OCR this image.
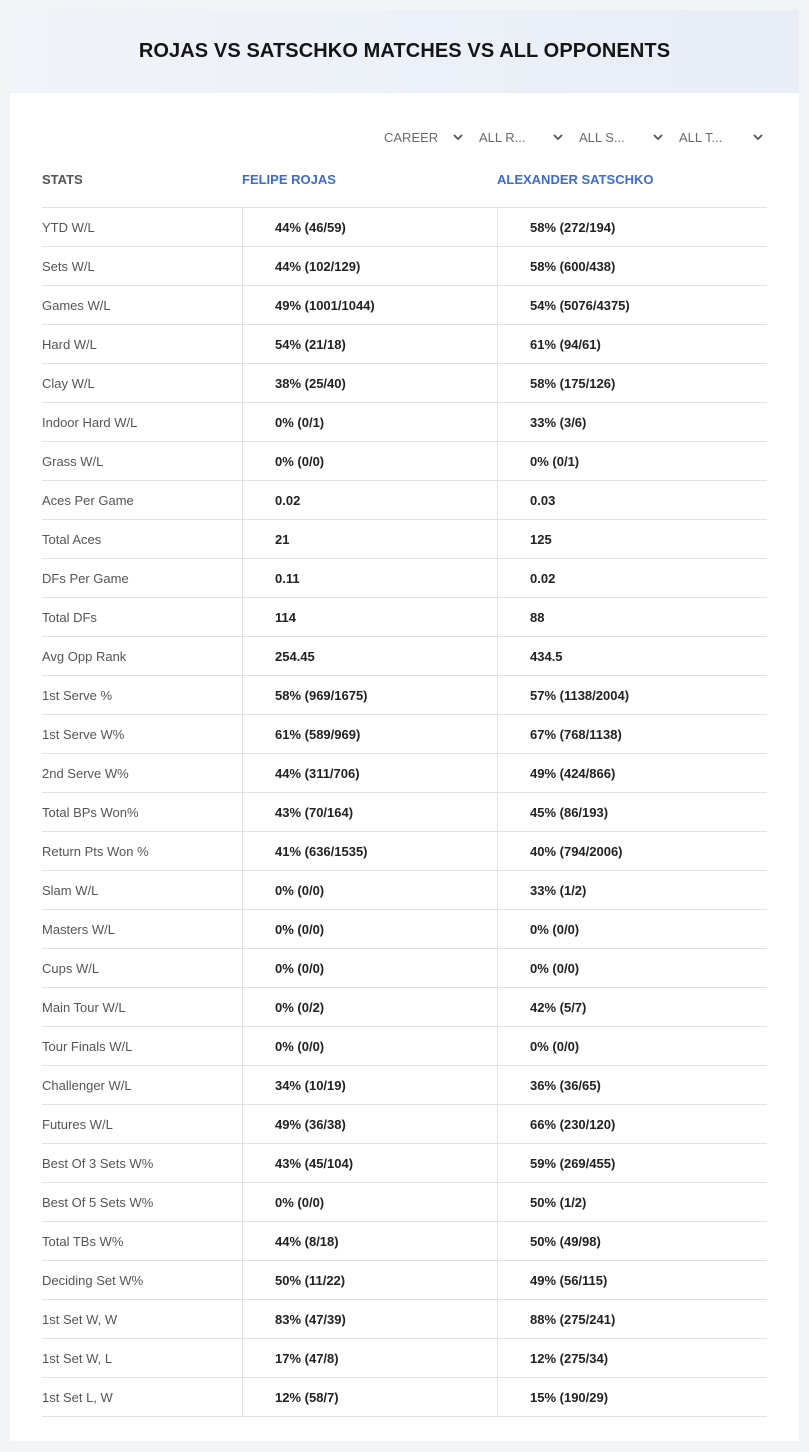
ROJAS VS SATSCHKO MATCHES VS ALL OPPONENTS
CAREER	ALL R...	ALL S...	ALL T...
STATS	FELIPE ROJAS	ALEXANDER SATSCHKO
YTD W/L	44% (46/59)	58% (272/194)
Sets W/L	44% (102/129)	58% (600/438)
Games W/L	49% (1001/1044)	54% (5076/4375)
Hard W/L	54% (21/18)	61% (94/61)
Clay W/L	38% (25/40)	58% (175/126)
Indoor Hard W/L	0% (0/1)	33% (3/6)
Grass W/L	0% (0/0)	0% (0/1)
Aces Per Game	0.02	0.03
Total Aces	21	125
DFs Per Game	0.11	0.02
Total DFs	114	88
Avg Opp Rank	254.45	434.5
1st Serve %	58% (969/1675)	57% (1138/2004)
1st Serve W%	61% (589/969)	67% (768/1138)
2nd Serve W%	44% (311/706)	49% (424/866)
Total BPs Won%	43% (70/164)	45% (86/193)
Return Pts Won %	41% (636/1535)	40% (794/2006)
Slam W/L	0% (0/0)	33% (1/2)
Masters W/L	0% (0/0)	0% (0/0)
Cups W/L	0% (0/0)	0% (0/0)
Main Tour W/L	0% (0/2)	42% (5/7)
Tour Finals W/L	0% (0/0)	0% (0/0)
Challenger W/L	34% (10/19)	36% (36/65)
Futures W/L	49% (36/38)	66% (230/120)
Best Of 3 Sets W%	43% (45/104)	59% (269/455)
Best Of 5 Sets W%	0% (0/0)	50% (1/2)
Total TBs W%	44% (8/18)	50% (49/98)
Deciding Set W%	50% (11/22)	49% (56/115)
1st Set W, W	83% (47/39)	88% (275/241)
1st Set W, L	17% (47/8)	12% (275/34)
1st Set L, W	12% (58/7)	15% (190/29)
